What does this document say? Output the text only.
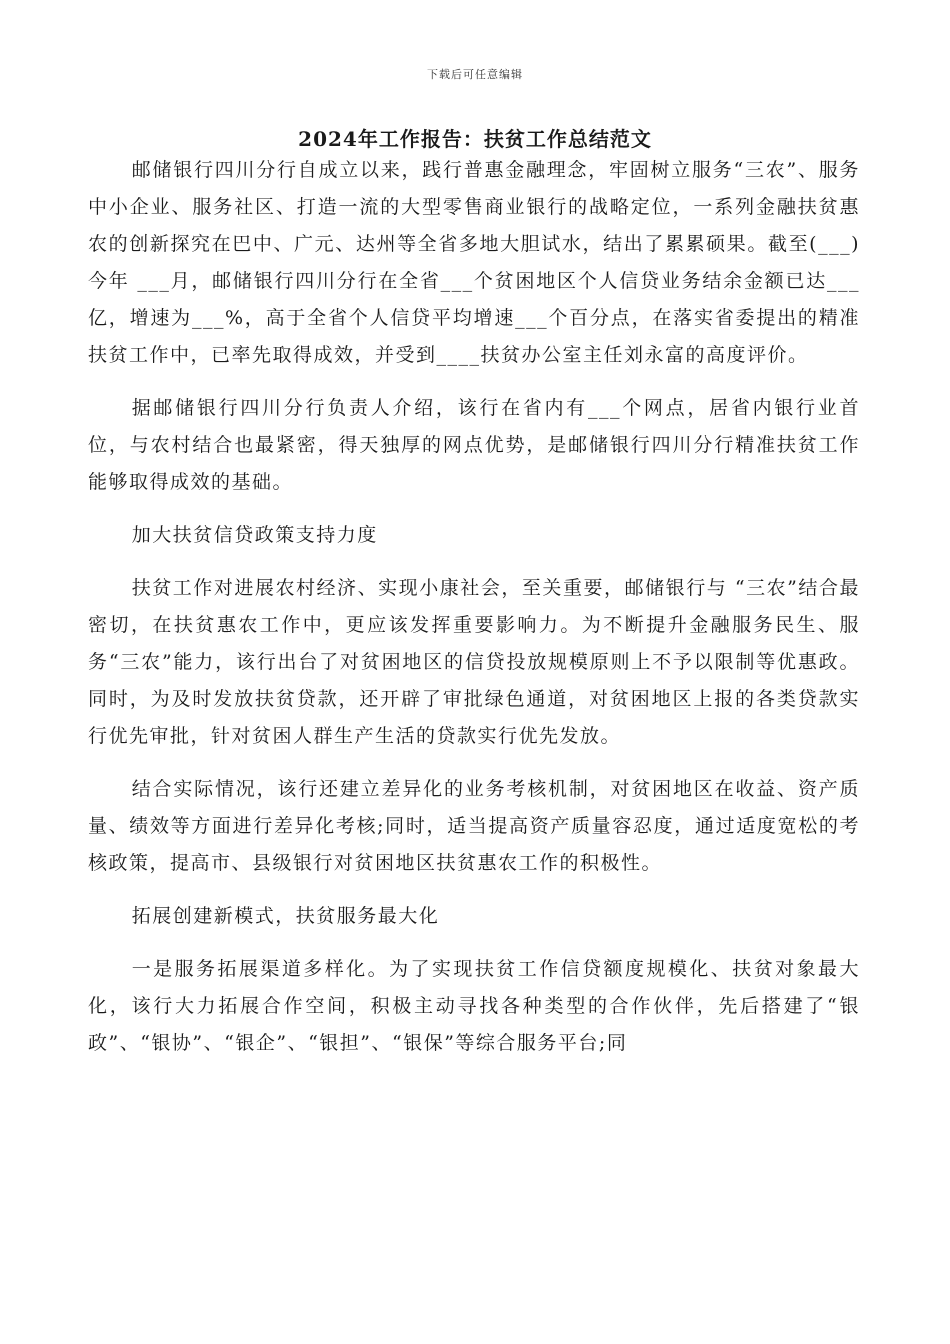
下载后可任意编辑
2024年工作报告：扶贫工作总结范文

邮储银行四川分行自成立以来，践行普惠金融理念，牢固树立服务“三农”、服务中小企业、服务社区、打造一流的大型零售商业银行的战略定位，一系列金融扶贫惠农的创新探究在巴中、广元、达州等全省多地大胆试水，结出了累累硕果。截至(___)今年 ___月，邮储银行四川分行在全省___个贫困地区个人信贷业务结余金额已达___亿，增速为___%，高于全省个人信贷平均增速___个百分点，在落实省委提出的精准扶贫工作中，已率先取得成效，并受到____扶贫办公室主任刘永富的高度评价。

据邮储银行四川分行负责人介绍，该行在省内有___个网点，居省内银行业首位，与农村结合也最紧密，得天独厚的网点优势，是邮储银行四川分行精准扶贫工作能够取得成效的基础。

加大扶贫信贷政策支持力度

扶贫工作对进展农村经济、实现小康社会，至关重要，邮储银行与 “三农”结合最密切，在扶贫惠农工作中，更应该发挥重要影响力。为不断提升金融服务民生、服务“三农”能力，该行出台了对贫困地区的信贷投放规模原则上不予以限制等优惠政。同时，为及时发放扶贫贷款，还开辟了审批绿色通道，对贫困地区上报的各类贷款实行优先审批，针对贫困人群生产生活的贷款实行优先发放。

结合实际情况，该行还建立差异化的业务考核机制，对贫困地区在收益、资产质量、绩效等方面进行差异化考核;同时，适当提高资产质量容忍度，通过适度宽松的考核政策，提高市、县级银行对贫困地区扶贫惠农工作的积极性。

拓展创建新模式，扶贫服务最大化

一是服务拓展渠道多样化。为了实现扶贫工作信贷额度规模化、扶贫对象最大化，该行大力拓展合作空间，积极主动寻找各种类型的合作伙伴，先后搭建了“银政”、“银协”、“银企”、“银担”、“银保”等综合服务平台;同
